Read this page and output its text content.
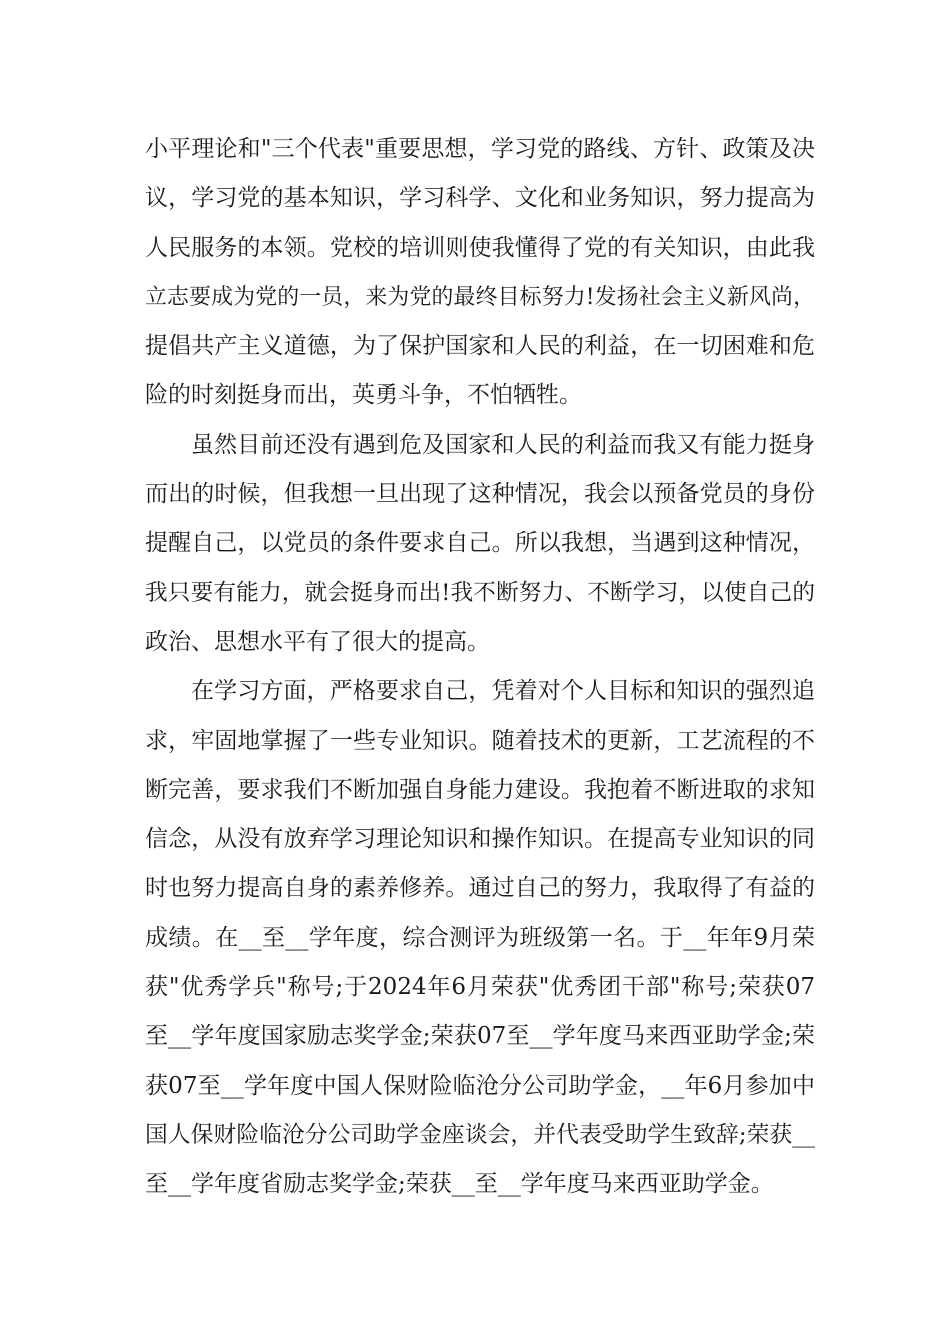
小平理论和"三个代表"重要思想，学习党的路线、方针、政策及决
议，学习党的基本知识，学习科学、文化和业务知识，努力提高为
人民服务的本领。党校的培训则使我懂得了党的有关知识，由此我
立志要成为党的一员，来为党的最终目标努力!发扬社会主义新风尚，
提倡共产主义道德，为了保护国家和人民的利益，在一切困难和危
险的时刻挺身而出，英勇斗争，不怕牺牲。
虽然目前还没有遇到危及国家和人民的利益而我又有能力挺身
而出的时候，但我想一旦出现了这种情况，我会以预备党员的身份
提醒自己，以党员的条件要求自己。所以我想，当遇到这种情况，
我只要有能力，就会挺身而出!我不断努力、不断学习，以使自己的
政治、思想水平有了很大的提高。
在学习方面，严格要求自己，凭着对个人目标和知识的强烈追
求，牢固地掌握了一些专业知识。随着技术的更新，工艺流程的不
断完善，要求我们不断加强自身能力建设。我抱着不断进取的求知
信念，从没有放弃学习理论知识和操作知识。在提高专业知识的同
时也努力提高自身的素养修养。通过自己的努力，我取得了有益的
成绩。在__至__学年度，综合测评为班级第一名。于__年年9月荣
获"优秀学兵"称号;于2024年6月荣获"优秀团干部"称号;荣获07
至__学年度国家励志奖学金;荣获07至__学年度马来西亚助学金;荣
获07至__学年度中国人保财险临沧分公司助学金，__年6月参加中
国人保财险临沧分公司助学金座谈会，并代表受助学生致辞;荣获__
至__学年度省励志奖学金;荣获__至__学年度马来西亚助学金。
